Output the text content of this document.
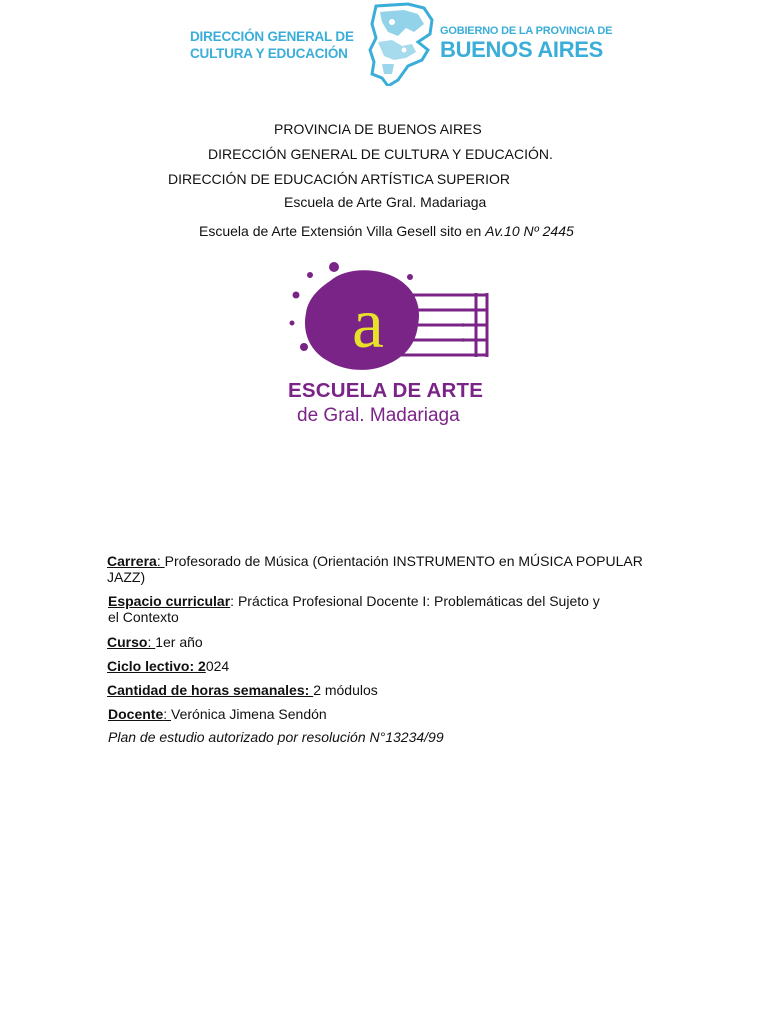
DIRECCIÓN GENERAL DE
CULTURA Y EDUCACIÓN
GOBIERNO DE LA PROVINCIA DE
BUENOS AIRES
PROVINCIA DE BUENOS AIRES
DIRECCIÓN GENERAL DE CULTURA Y EDUCACIÓN.
DIRECCIÓN DE EDUCACIÓN ARTÍSTICA SUPERIOR
Escuela de Arte Gral. Madariaga
Escuela de Arte Extensión Villa Gesell sito en Av.10 Nº 2445
a
ESCUELA DE ARTE
de Gral. Madariaga
Carrera: Profesorado de Música (Orientación INSTRUMENTO en MÚSICA POPULAR
JAZZ)
Espacio curricular: Práctica Profesional Docente I: Problemáticas del Sujeto y
el Contexto
Curso: 1er año
Ciclo lectivo: 2024
Cantidad de horas semanales: 2 módulos
Docente: Verónica Jimena Sendón
Plan de estudio autorizado por resolución N°13234/99
